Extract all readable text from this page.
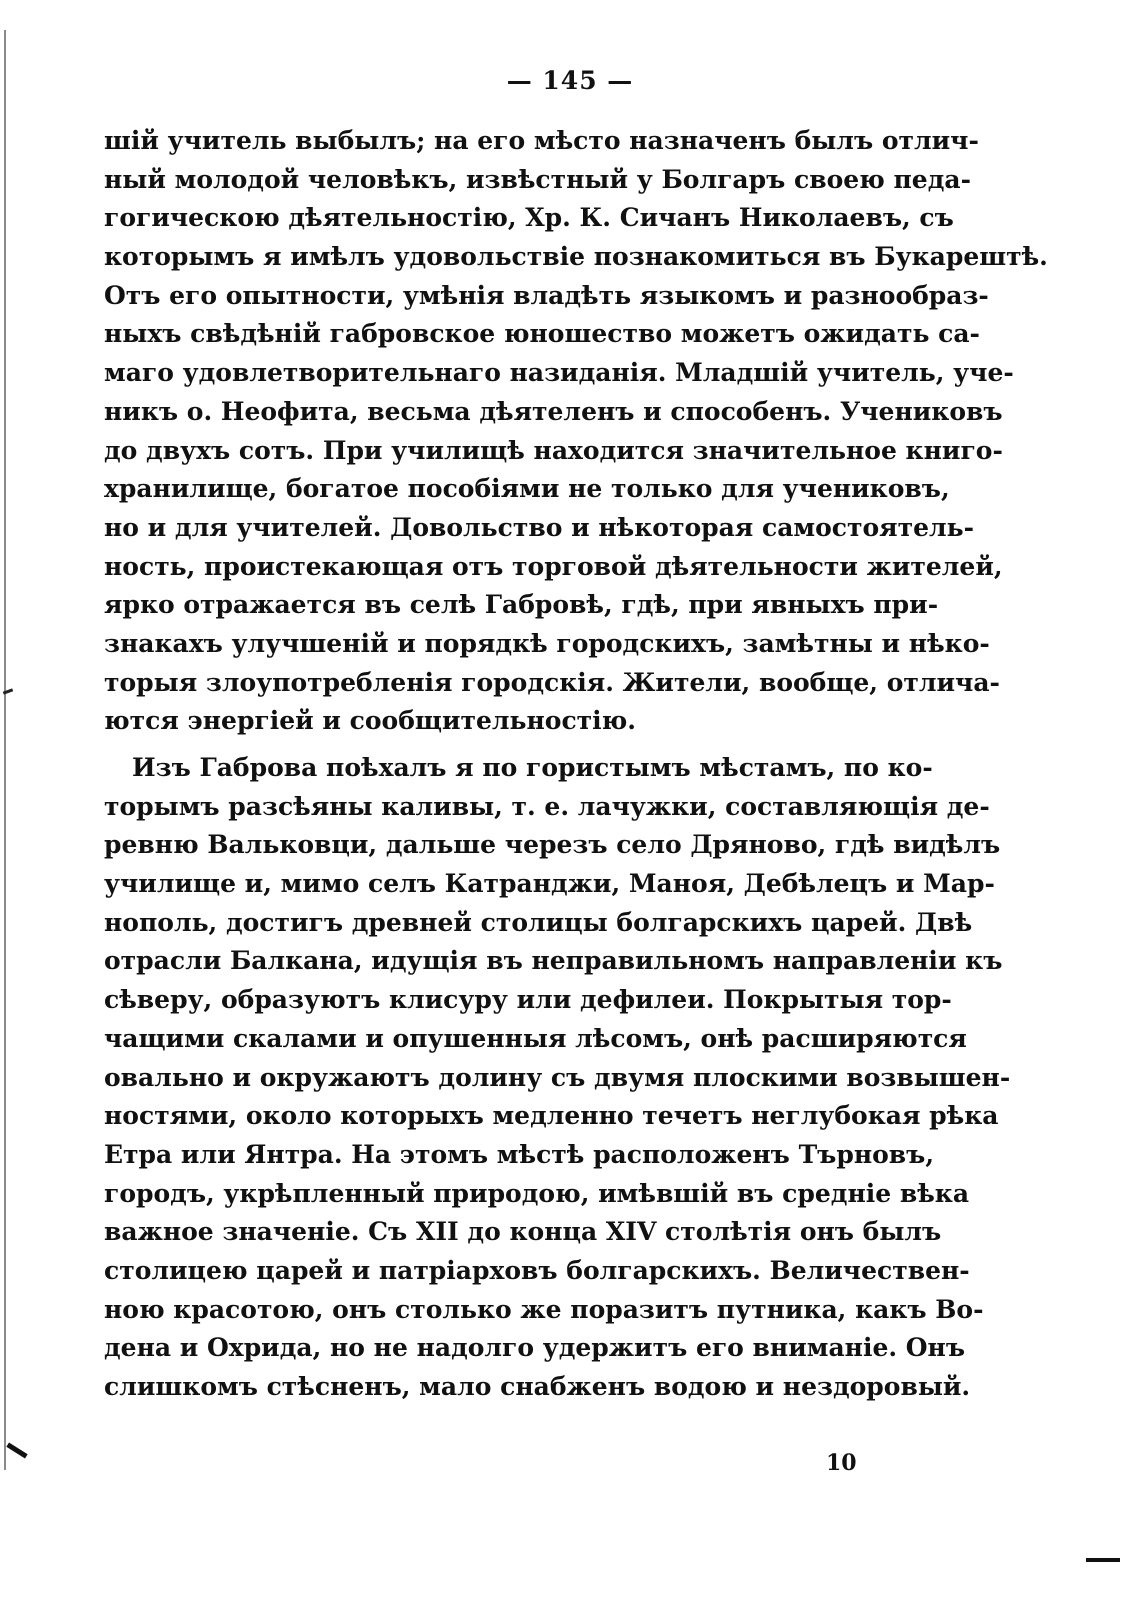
— 145 —
шій учитель выбылъ; на его мѣсто назначенъ былъ отлич-
ный молодой человѣкъ, извѣстный у Болгаръ своею педа-
гогическою дѣятельностію, Хр. К. Сичанъ Николаевъ, съ
которымъ я имѣлъ удовольствіе познакомиться въ Букарештѣ.
Отъ его опытности, умѣнія владѣть языкомъ и разнообраз-
ныхъ свѣдѣній габровское юношество можетъ ожидать са-
маго удовлетворительнаго назиданія. Младшій учитель, уче-
никъ о. Неофита, весьма дѣятеленъ и способенъ. Учениковъ
до двухъ сотъ. При училищѣ находится значительное книго-
хранилище, богатое пособіями не только для учениковъ,
но и для учителей. Довольство и нѣкоторая самостоятель-
ность, проистекающая отъ торговой дѣятельности жителей,
ярко отражается въ селѣ Габровѣ, гдѣ, при явныхъ при-
знакахъ улучшеній и порядкѣ городскихъ, замѣтны и нѣко-
торыя злоупотребленія городскія. Жители, вообще, отлича-
ются энергіей и сообщительностію.
Изъ Габрова поѣхалъ я по гористымъ мѣстамъ, по ко-
торымъ разсѣяны каливы, т. е. лачужки, составляющія де-
ревню Вальковци, дальше черезъ село Дряново, гдѣ видѣлъ
училище и, мимо селъ Катранджи, Маноя, Дебѣлецъ и Мар-
нополь, достигъ древней столицы болгарскихъ царей. Двѣ
отрасли Балкана, идущія въ неправильномъ направленіи къ
сѣверу, образуютъ клисуру или дефилеи. Покрытыя тор-
чащими скалами и опушенныя лѣсомъ, онѣ расширяются
овально и окружаютъ долину съ двумя плоскими возвышен-
ностями, около которыхъ медленно течетъ неглубокая рѣка
Етра или Янтра. На этомъ мѣстѣ расположенъ Търновъ,
городъ, укрѣпленный природою, имѣвшій въ средніе вѣка
важное значеніе. Съ XII до конца XIV столѣтія онъ былъ
столицею царей и патріарховъ болгарскихъ. Величествен-
ною красотою, онъ столько же поразитъ путника, какъ Во-
дена и Охрида, но не надолго удержитъ его вниманіе. Онъ
слишкомъ стѣсненъ, мало снабженъ водою и нездоровый.
10
